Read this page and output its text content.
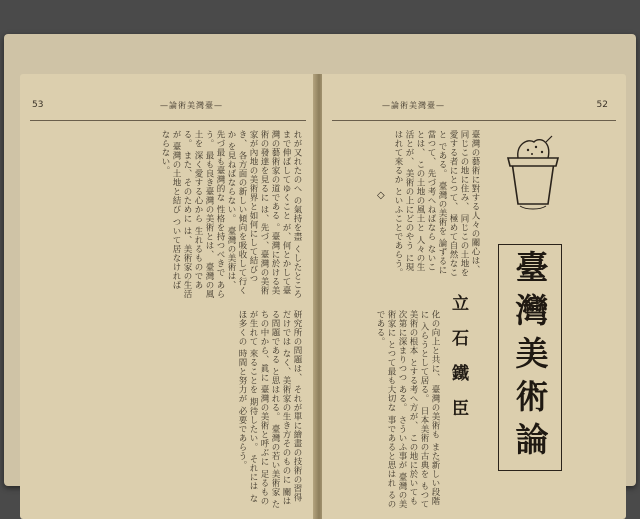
53	—論術美灣臺—
れが又れたのへ の氣持を盡 くしたところまで伸ばしてゆくこと が、何とかして臺灣の藝術家の道である 。臺灣に於ける美術の發達を見るに は、先づ、臺灣の美術家が內地の美術界と如何にして結びつき、 各方面の新しい傾向を吸收して行くか を見ねばならない。 臺灣の美術は、 先づ最も臺灣的な 性格を持つべきで あらう。 最も良き臺灣の美術とは、 臺灣の風土を 深く愛する心から 生れるものである。 また、そのために は、美術家の生活が 臺灣の土地と結び ついて居なければ ならない。
研究所の問題は、 それが單に繪畫の技術の習得だけでは なく、美術家の生き方そのものに 關はる問題である と思はれる。 臺灣の若い美術家 たちの中から、眞に 臺灣の美術と呼ぶに 足るものが生れて 來ることを 期待したい。 それには なほ多くの 時間と努力が 必要であらう。
—論術美灣臺—	52
臺灣の藝術に對する人々の關心は、 同じこの地に住み、 同じこの土地を 愛する者にとつて、 極めて自然なこと である。 臺灣の美術を 論ずるに當つて、 先づ考へねばなら ないことは、 この土地の風土と 人々の生活とが、 美術の上にどのやう に現はれて來るか といふことであらう。
◇
臺灣美術論
立石鐵臣
化の向上と共に、 臺灣の美術も また新しい段階に 入らうとして居る。 日本美術の古典を もつて美術の根本 とする考へ方が、 この地に於いても 次第に深まりつつ ある。 さういふ事が 臺灣の美術家に とつて最も大切な 事であると思はれ るのである。
